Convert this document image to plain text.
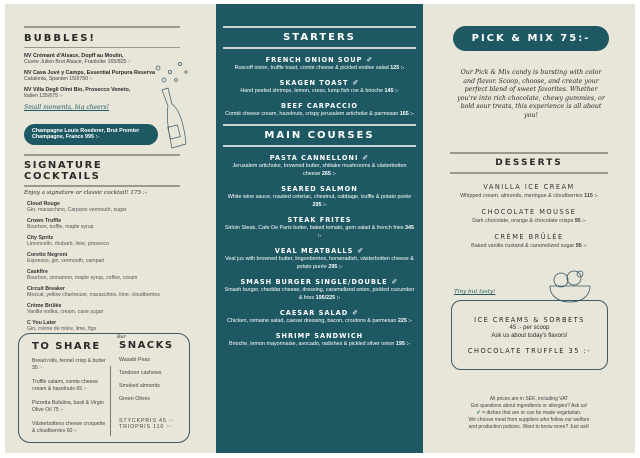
BUBBLES!
NV Crémant d'Alsace, Dopff au Moulin,
Cuvée Julien Brut Alsace, Frankrike 165/825 :-
NV Cava Juvé y Camps, Essential Purpura Reserva
Catalonia, Spanien 150/750 :-
NV Villa Degli Olmi Bio, Prosecco Veneto,
Italien 135/675 :-
Small moments, big cheers!
Champagne Louis Roederer, Brut Premier
Champagne, France 995 :-
SIGNATURE COCKTAILS
Enjoy a signature or classic cocktail! 175 :-
Cloud Rouge
Gin, maraschino, Carpano vermouth, sugar
Crown Truffle
Bourbon, truffle, maple syrup
City Spritz
Limoncello, rhubarb, lime, prosecco
Coretto Negroni
Espresso, gin, vermouth, campari
Caskfire
Bourbon, cinnamon, maple syrup, coffee, cream
Circuit Breaker
Mezcal, yellow chartreuse, maraschino, lime, cloudberries
Crème Brûlée
Vanilla vodka, cream, cane sugar
C You Later
Gin, crème de mûre, lime, figs
TO SHARE

Bread rolls, fennel crisp & butter 35 :-

Truffle salami, comte cheese cream & hazelnuts 65 :-

Pizzetta Bufalina, basil & Virgin Olive Oil 75 :-

Västerbottens cheese croquette & cloudberries 60 :-

Bar
SNACKS
Wasabi Peas
Tandoori cashews
Smoked almonds
Green Olives
STYCKPRIS 45 :-
TRIOPRIS 110 :-
STARTERS
FRENCH ONION SOUP ✐
Roscoff onion, truffle toast, comté cheese & pickled endive salad 125 :-
SKAGEN TOAST ✐
Hand peeled shrimps, lemon, cress, lump fish roe & brioche 145 :-
BEEF CARPACCIO
Comté cheese cream, hazelnuts, crispy jerusalem artichoke & parmesan 165 :-
MAIN COURSES
PASTA CANNELLONI ✐
Jerusalem artichoke, browned butter, shiitake mushrooms & västerbotten cheese 265 :-
SEARED SALMON
White wine sauce, roasted celeriac, chestnut, cabbage, truffle & potato purée 295 :-
STEAK FRITES
Sirloin Steak, Cafe De Paris butter, baked tomato, gem salad & french fries 345 :-
VEAL MEATBALLS ✐
Veal jus with browned butter, lingonberries, horseradish, västerbotten cheese & potato purée 295 :-
SMASH BURGER SINGLE/DOUBLE ✐
Smash burger, cheddar cheese, dressing, caramelized onion, pickled cucumber & fries 195/225 :-
CAESAR SALAD ✐
Chicken, romaine salad, caesar dressing, bacon, croutons & parmesan 225 :-
SHRIMP SANDWICH
Brioche, lemon mayonnaise, avocado, radishes & pickled silver onion 195 :-
PICK & MIX 75:-
Our Pick & Mix candy is bursting with color and flavor. Scoop, choose, and create your perfect blend of sweet favorites. Whether you're into rich chocolate, chewy gummies, or bold sour treats, this experience is all about you!
DESSERTS
VANILLA ICE CREAM
Whipped cream, almonds, meringue & cloudberries 115 :-
CHOCOLATE MOUSSE
Dark chocolate, orange & chocolate crisps 95 :-
CRÈME BRÛLÉE
Baked vanilla custand & caramelized sugar 95 :-
Tiny but tasty!
ICE CREAMS & SORBETS
45 :- per scoop
Ask us about today's flavors!
CHOCOLATE TRUFFLE 35 :-
All prices are in SEK, including VAT
Got questions about ingredients or allergies? Ask us!
✐ = dishes that are or can be made vegetarian.
We choose meat from suppliers who follow our welfare
and production policies. Want to know more? Just ask!
